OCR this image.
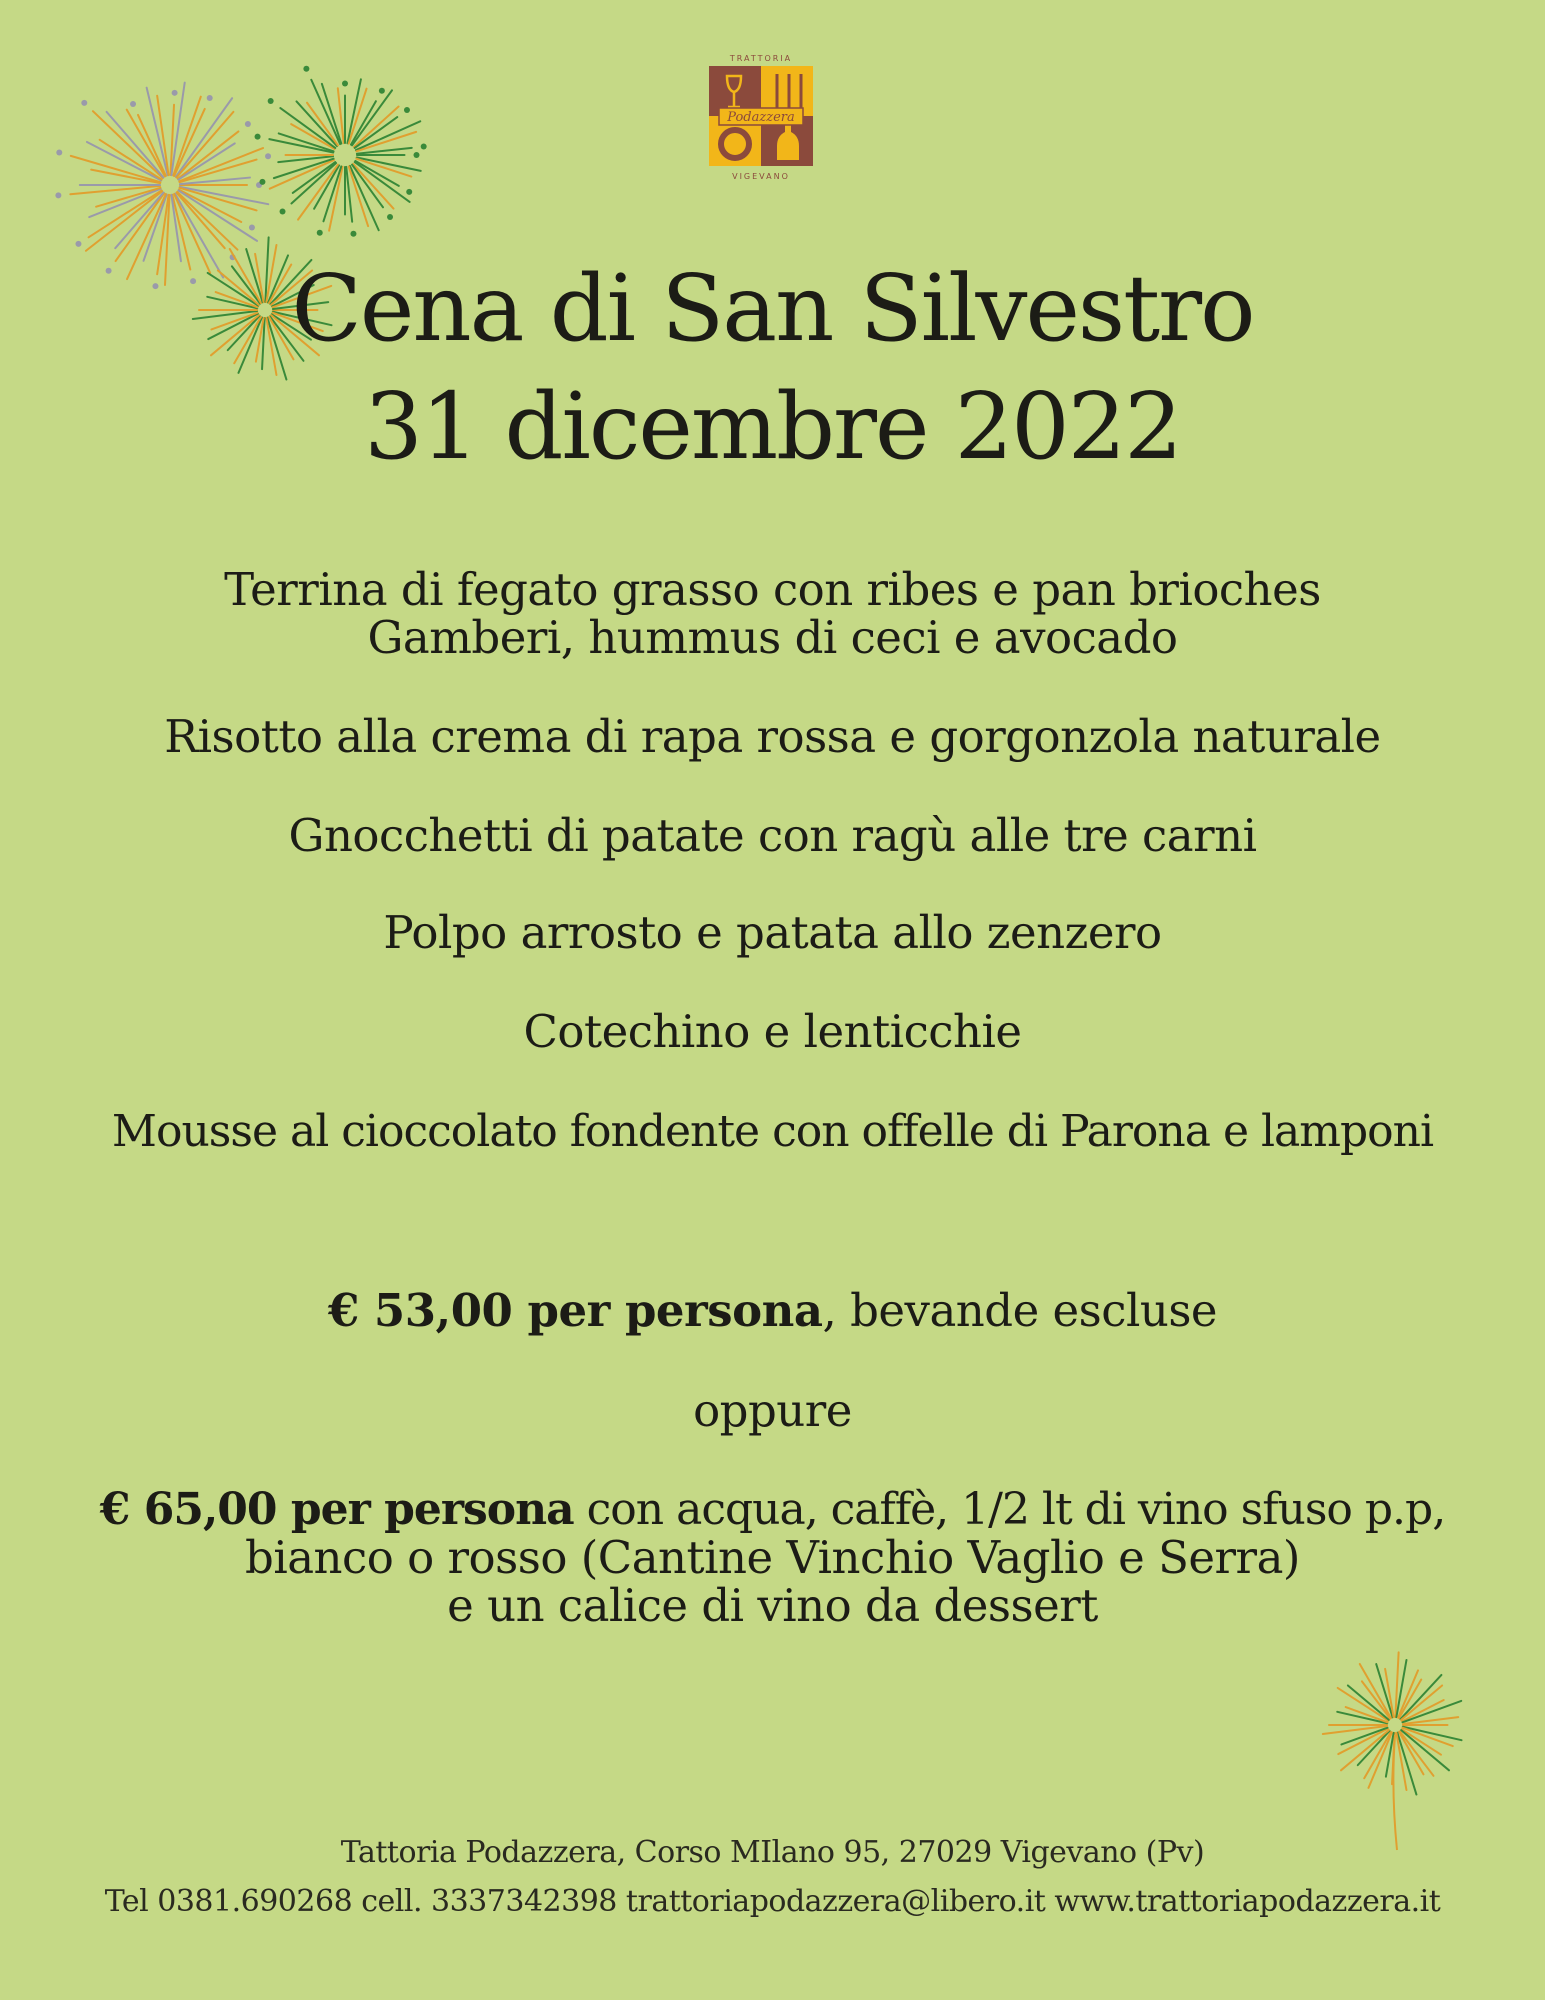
TRATTORIA
Podazzera
VIGEVANO
Cena di San Silvestro
31 dicembre 2022
Terrina di fegato grasso con ribes e pan brioches
Gamberi, hummus di ceci e avocado
Risotto alla crema di rapa rossa e gorgonzola naturale
Gnocchetti di patate con ragù alle tre carni
Polpo arrosto e patata allo zenzero
Cotechino e lenticchie
Mousse al cioccolato fondente con offelle di Parona e lamponi
€ 53,00 per persona, bevande escluse
oppure
€ 65,00 per persona con acqua, caffè, 1/2 lt di vino sfuso p.p,
bianco o rosso (Cantine Vinchio Vaglio e Serra)
e un calice di vino da dessert
Tattoria Podazzera, Corso MIlano 95, 27029 Vigevano (Pv)
Tel 0381.690268 cell. 3337342398 trattoriapodazzera@libero.it www.trattoriapodazzera.it
